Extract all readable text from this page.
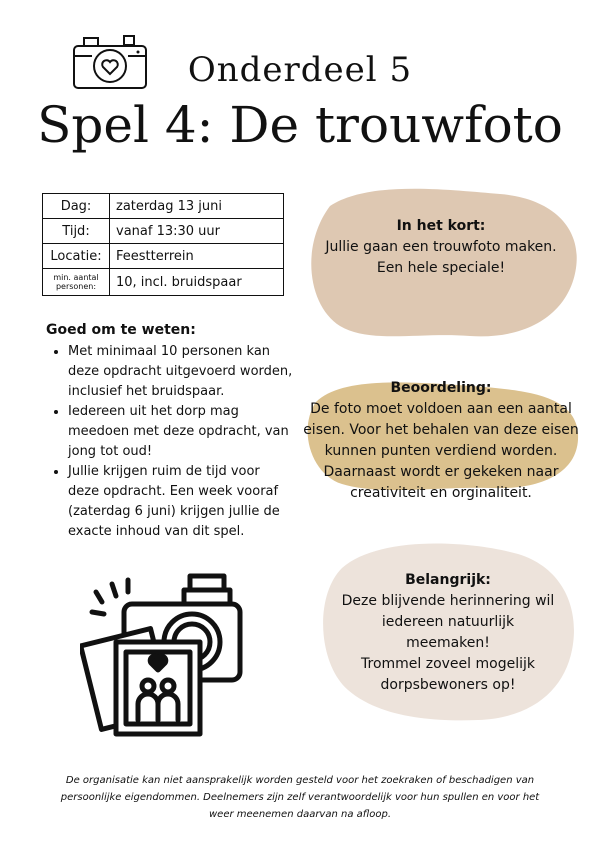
Onderdeel 5
Spel 4: De trouwfoto
Dag:	zaterdag 13 juni
Tijd:	vanaf 13:30 uur
Locatie:	Feestterrein
min. aantal personen:	10, incl. bruidspaar
Goed om te weten:
• Met minimaal 10 personen kan deze opdracht uitgevoerd worden, inclusief het bruidspaar.
• Iedereen uit het dorp mag meedoen met deze opdracht, van jong tot oud!
• Jullie krijgen ruim de tijd voor deze opdracht. Een week vooraf (zaterdag 6 juni) krijgen jullie de exacte inhoud van dit spel.
In het kort:
Jullie gaan een trouwfoto maken.
Een hele speciale!
Beoordeling:
De foto moet voldoen aan een aantal
eisen. Voor het behalen van deze eisen
kunnen punten verdiend worden.
Daarnaast wordt er gekeken naar
creativiteit en orginaliteit.
Belangrijk:
Deze blijvende herinnering wil
iedereen natuurlijk
meemaken!
Trommel zoveel mogelijk
dorpsbewoners op!
De organisatie kan niet aansprakelijk worden gesteld voor het zoekraken of beschadigen van
persoonlijke eigendommen. Deelnemers zijn zelf verantwoordelijk voor hun spullen en voor het
weer meenemen daarvan na afloop.
